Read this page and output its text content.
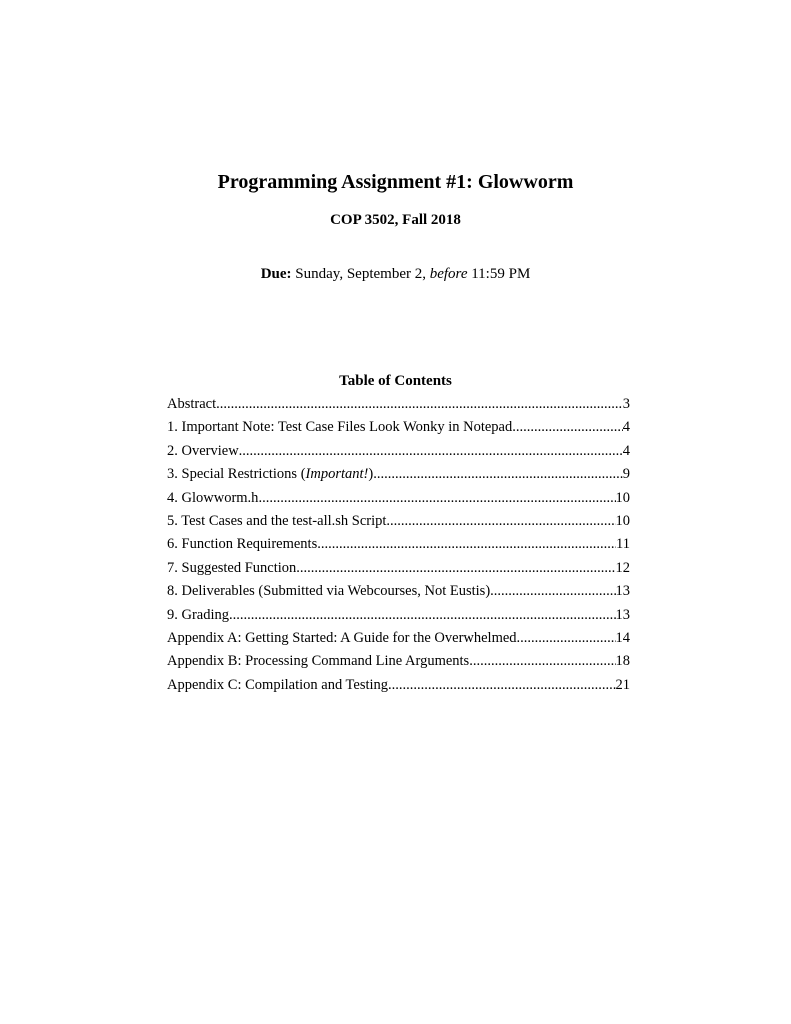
Programming Assignment #1: Glowworm
COP 3502, Fall 2018
Due: Sunday, September 2, before 11:59 PM
Table of Contents
Abstract .....	3
1. Important Note: Test Case Files Look Wonky in Notepad .....	4
2. Overview .....	4
3. Special Restrictions (Important!) .....	9
4. Glowworm.h .....	10
5. Test Cases and the test-all.sh Script .....	10
6. Function Requirements .....	11
7. Suggested Function .....	12
8. Deliverables (Submitted via Webcourses, Not Eustis) .....	13
9. Grading .....	13
Appendix A: Getting Started: A Guide for the Overwhelmed .....	14
Appendix B: Processing Command Line Arguments .....	18
Appendix C: Compilation and Testing .....	21
